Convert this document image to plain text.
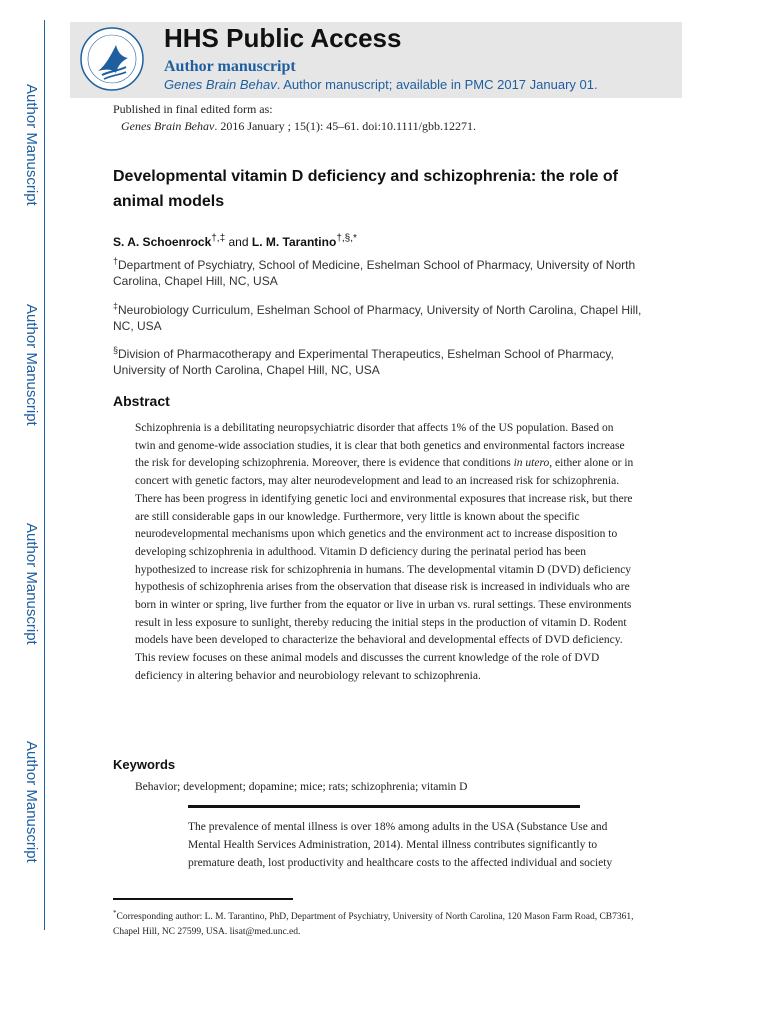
Author Manuscript
Author Manuscript
Author Manuscript
Author Manuscript
HHS Public Access
Author manuscript
Genes Brain Behav. Author manuscript; available in PMC 2017 January 01.
Published in final edited form as:
Genes Brain Behav. 2016 January ; 15(1): 45–61. doi:10.1111/gbb.12271.
Developmental vitamin D deficiency and schizophrenia: the role of animal models
S. A. Schoenrock†,‡ and L. M. Tarantino†,§,*
†Department of Psychiatry, School of Medicine, Eshelman School of Pharmacy, University of North Carolina, Chapel Hill, NC, USA
‡Neurobiology Curriculum, Eshelman School of Pharmacy, University of North Carolina, Chapel Hill, NC, USA
§Division of Pharmacotherapy and Experimental Therapeutics, Eshelman School of Pharmacy, University of North Carolina, Chapel Hill, NC, USA
Abstract

Schizophrenia is a debilitating neuropsychiatric disorder that affects 1% of the US population. Based on twin and genome-wide association studies, it is clear that both genetics and environmental factors increase the risk for developing schizophrenia. Moreover, there is evidence that conditions in utero, either alone or in concert with genetic factors, may alter neurodevelopment and lead to an increased risk for schizophrenia. There has been progress in identifying genetic loci and environmental exposures that increase risk, but there are still considerable gaps in our knowledge. Furthermore, very little is known about the specific neurodevelopmental mechanisms upon which genetics and the environment act to increase disposition to developing schizophrenia in adulthood. Vitamin D deficiency during the perinatal period has been hypothesized to increase risk for schizophrenia in humans. The developmental vitamin D (DVD) deficiency hypothesis of schizophrenia arises from the observation that disease risk is increased in individuals who are born in winter or spring, live further from the equator or live in urban vs. rural settings. These environments result in less exposure to sunlight, thereby reducing the initial steps in the production of vitamin D. Rodent models have been developed to characterize the behavioral and developmental effects of DVD deficiency. This review focuses on these animal models and discusses the current knowledge of the role of DVD deficiency in altering behavior and neurobiology relevant to schizophrenia.

Keywords
Behavior; development; dopamine; mice; rats; schizophrenia; vitamin D

The prevalence of mental illness is over 18% among adults in the USA (Substance Use and Mental Health Services Administration, 2014). Mental illness contributes significantly to premature death, lost productivity and healthcare costs to the affected individual and society

*Corresponding author: L. M. Tarantino, PhD, Department of Psychiatry, University of North Carolina, 120 Mason Farm Road, CB7361, Chapel Hill, NC 27599, USA. lisat@med.unc.ed.
